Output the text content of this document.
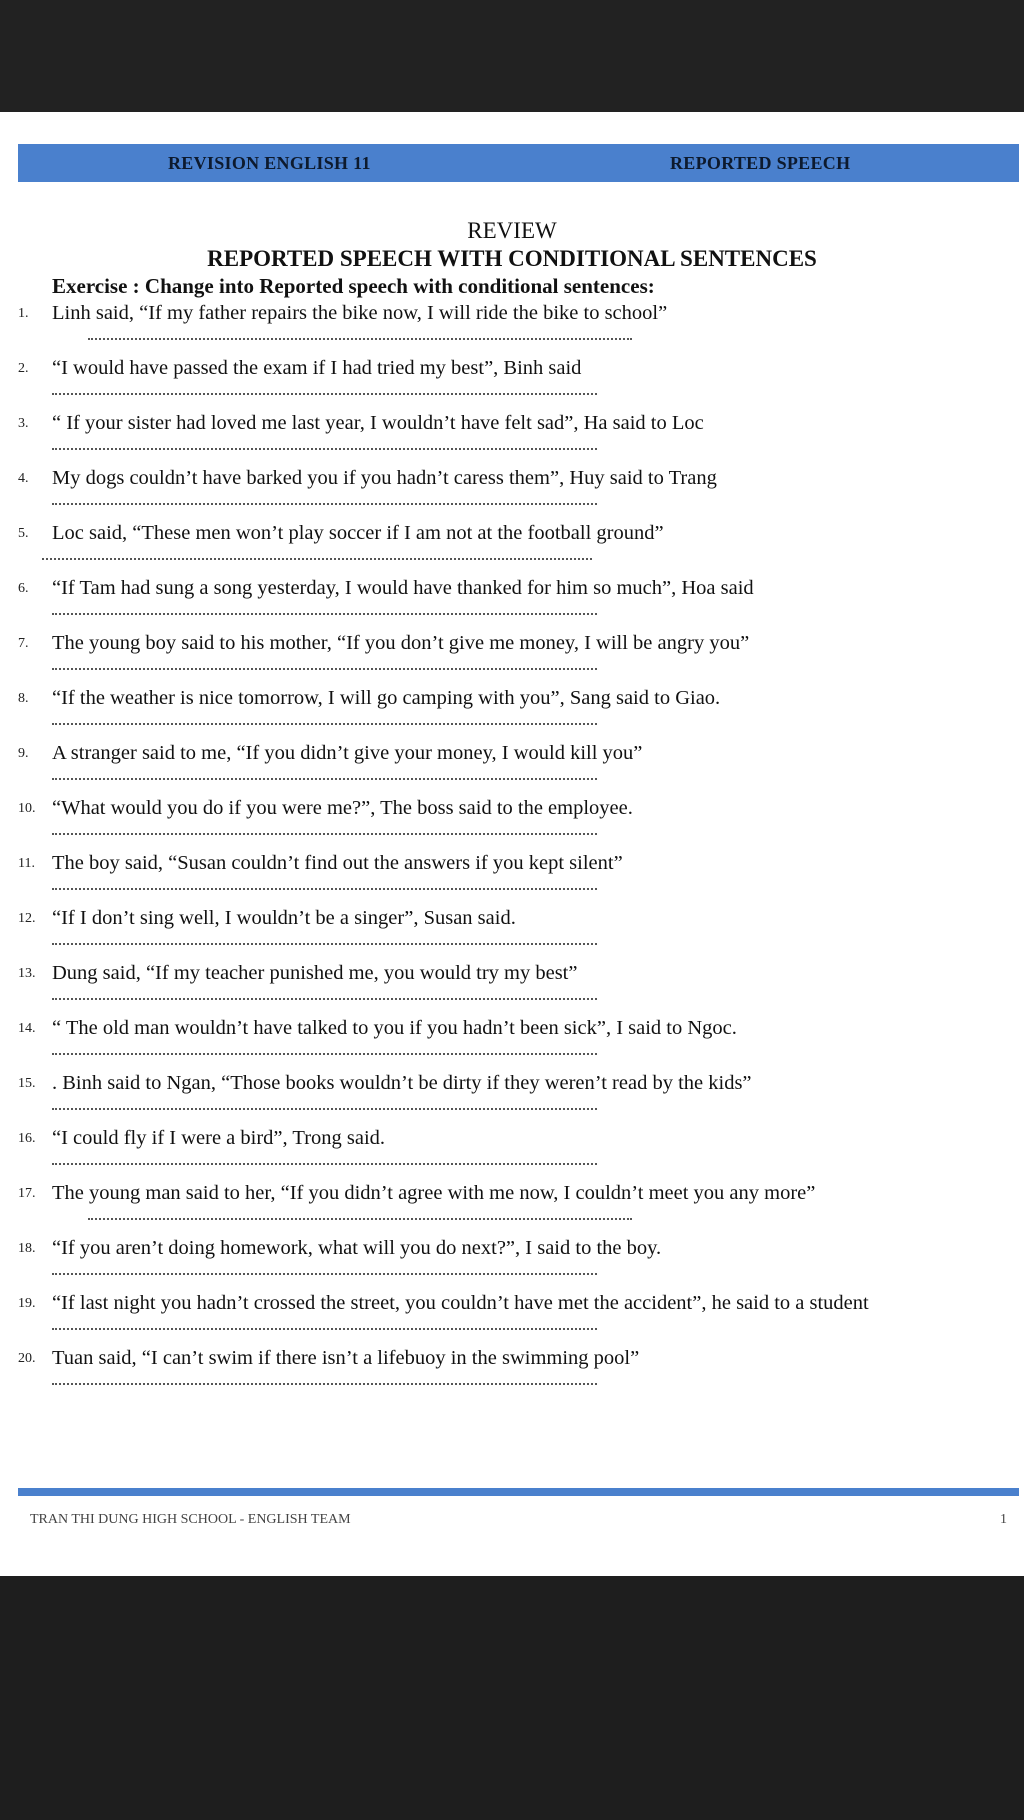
REVISION ENGLISH 11	REPORTED SPEECH
REVIEW
REPORTED SPEECH WITH CONDITIONAL SENTENCES
Exercise : Change into Reported speech with conditional sentences:
1.	Linh said, “If my father repairs the bike now, I will ride the bike to school”
2.	“I would have passed the exam if I had tried my best”, Binh said
3.	“ If your sister had loved me last year, I wouldn’t have felt sad”, Ha said to Loc
4.	My dogs couldn’t have barked you if you hadn’t caress them”, Huy said to Trang
5.	Loc said, “These men won’t play soccer if I am not at the football ground”
6.	“If Tam had sung a song yesterday, I would have thanked for him so much”, Hoa said
7.	The young boy said to his mother, “If you don’t give me money, I will be angry you”
8.	“If the weather is nice tomorrow, I will go camping with you”, Sang said to Giao.
9.	A stranger said to me, “If you didn’t give your money, I would kill you”
10. “What would you do if you were me?”, The boss said to the employee.
11. The boy said, “Susan couldn’t find out the answers if you kept silent”
12. “If I don’t sing well, I wouldn’t be a singer”, Susan said.
13. Dung said, “If my teacher punished me, you would try my best”
14. “ The old man wouldn’t have talked to you if you hadn’t been sick”, I said to Ngoc.
15. . Binh said to Ngan, “Those books wouldn’t be dirty if they weren’t read by the kids”
16. “I could fly if I were a bird”, Trong said.
17. The young man said to her, “If you didn’t agree with me now, I couldn’t meet you any more”
18. “If you aren’t doing homework, what will you do next?”, I said to the boy.
19. “If last night you hadn’t crossed the street, you couldn’t have met the accident”, he said to a student
20. Tuan said, “I can’t swim if there isn’t a lifebuoy in the swimming pool”
TRAN THI DUNG HIGH SCHOOL - ENGLISH TEAM	1
